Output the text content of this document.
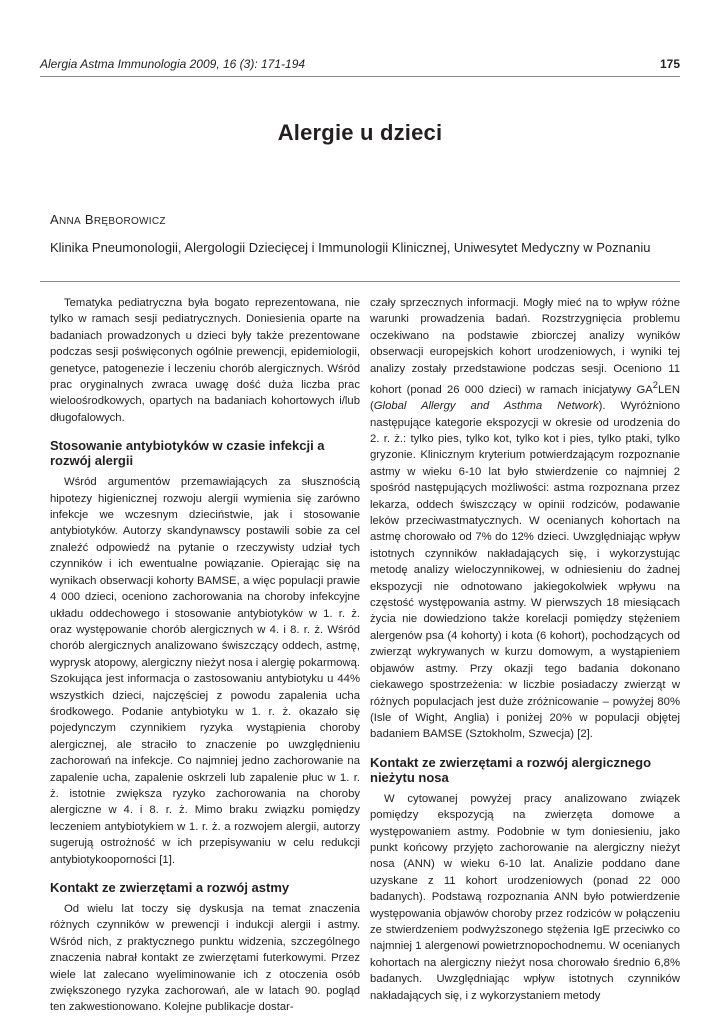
Alergia Astma Immunologia 2009, 16 (3): 171-194	175
Alergie u dzieci

ANNA BRĘBOROWICZ

Klinika Pneumonologii, Alergologii Dziecięcej i Immunologii Klinicznej, Uniwesytet Medyczny w Poznaniu

Tematyka pediatryczna była bogato reprezentowana, nie tylko w ramach sesji pediatrycznych. Doniesienia oparte na badaniach prowadzonych u dzieci były także prezentowane podczas sesji poświęconych ogólnie prewencji, epidemiologii, genetyce, patogenezie i leczeniu chorób alergicznych. Wśród prac oryginalnych zwraca uwagę dość duża liczba prac wieloośrodkowych, opartych na badaniach kohortowych i/lub długofalowych.

Stosowanie antybiotyków w czasie infekcji a rozwój alergii

Wśród argumentów przemawiających za słusznością hipotezy higienicznej rozwoju alergii wymienia się zarówno infekcje we wczesnym dzieciństwie, jak i stosowanie antybiotyków. Autorzy skandynawscy postawili sobie za cel znaleźć odpowiedź na pytanie o rzeczywisty udział tych czynników i ich ewentualne powiązanie. Opierając się na wynikach obserwacji kohorty BAMSE, a więc populacji prawie 4 000 dzieci, oceniono zachorowania na choroby infekcyjne układu oddechowego i stosowanie antybiotyków w 1. r. ż. oraz występowanie chorób alergicznych w 4. i 8. r. ż. Wśród chorób alergicznych analizowano świszczący oddech, astmę, wyprysk atopowy, alergiczny nieżyt nosa i alergię pokarmową. Szokująca jest informacja o zastosowaniu antybiotyku u 44% wszystkich dzieci, najczęściej z powodu zapalenia ucha środkowego. Podanie antybiotyku w 1. r. ż. okazało się pojedynczym czynnikiem ryzyka wystąpienia choroby alergicznej, ale straciło to znaczenie po uwzględnieniu zachorowań na infekcje. Co najmniej jedno zachorowanie na zapalenie ucha, zapalenie oskrzeli lub zapalenie płuc w 1. r. ż. istotnie zwiększa ryzyko zachorowania na choroby alergiczne w 4. i 8. r. ż. Mimo braku związku pomiędzy leczeniem antybiotykiem w 1. r. ż. a rozwojem alergii, autorzy sugerują ostrożność w ich przepisywaniu w celu redukcji antybiotykooporności [1].

Kontakt ze zwierzętami a rozwój astmy

Od wielu lat toczy się dyskusja na temat znaczenia różnych czynników w prewencji i indukcji alergii i astmy. Wśród nich, z praktycznego punktu widzenia, szczególnego znaczenia nabrał kontakt ze zwierzętami futerkowymi. Przez wiele lat zalecano wyeliminowanie ich z otoczenia osób zwiększonego ryzyka zachorowań, ale w latach 90. pogląd ten zakwestionowano. Kolejne publikacje dostar-

czały sprzecznych informacji. Mogły mieć na to wpływ różne warunki prowadzenia badań. Rozstrzygnięcia problemu oczekiwano na podstawie zbiorczej analizy wyników obserwacji europejskich kohort urodzeniowych, i wyniki tej analizy zostały przedstawione podczas sesji. Oceniono 11 kohort (ponad 26 000 dzieci) w ramach inicjatywy $GA^2LEN$ (Global Allergy and Asthma Network). Wyróżniono następujące kategorie ekspozycji w okresie od urodzenia do 2. r. ż.: tylko pies, tylko kot, tylko kot i pies, tylko ptaki, tylko gryzonie. Klinicznym kryterium potwierdzającym rozpoznanie astmy w wieku 6-10 lat było stwierdzenie co najmniej 2 spośród następujących możliwości: astma rozpoznana przez lekarza, oddech świszczący w opinii rodziców, podawanie leków przeciwastmatycznych. W ocenianych kohortach na astmę chorowało od 7% do 12% dzieci. Uwzględniając wpływ istotnych czynników nakładających się, i wykorzystując metodę analizy wieloczynnikowej, w odniesieniu do żadnej ekspozycji nie odnotowano jakiegokolwiek wpływu na częstość występowania astmy. W pierwszych 18 miesiącach życia nie dowiedziono także korelacji pomiędzy stężeniem alergenów psa (4 kohorty) i kota (6 kohort), pochodzących od zwierząt wykrywanych w kurzu domowym, a wystąpieniem objawów astmy. Przy okazji tego badania dokonano ciekawego spostrzeżenia: w liczbie posiadaczy zwierząt w różnych populacjach jest duże zróżnicowanie – powyżej 80% (Isle of Wight, Anglia) i poniżej 20% w populacji objętej badaniem BAMSE (Sztokholm, Szwecja) [2].

Kontakt ze zwierzętami a rozwój alergicznego nieżytu nosa

W cytowanej powyżej pracy analizowano związek pomiędzy ekspozycją na zwierzęta domowe a występowaniem astmy. Podobnie w tym doniesieniu, jako punkt końcowy przyjęto zachorowanie na alergiczny nieżyt nosa (ANN) w wieku 6-10 lat. Analizie poddano dane uzyskane z 11 kohort urodzeniowych (ponad 22 000 badanych). Podstawą rozpoznania ANN było potwierdzenie występowania objawów choroby przez rodziców w połączeniu ze stwierdzeniem podwyższonego stężenia IgE przeciwko co najmniej 1 alergenowi powietrznopochodnemu. W ocenianych kohortach na alergiczny nieżyt nosa chorowało średnio 6,8% badanych. Uwzględniając wpływ istotnych czynników nakładających się, i z wykorzystaniem metody
